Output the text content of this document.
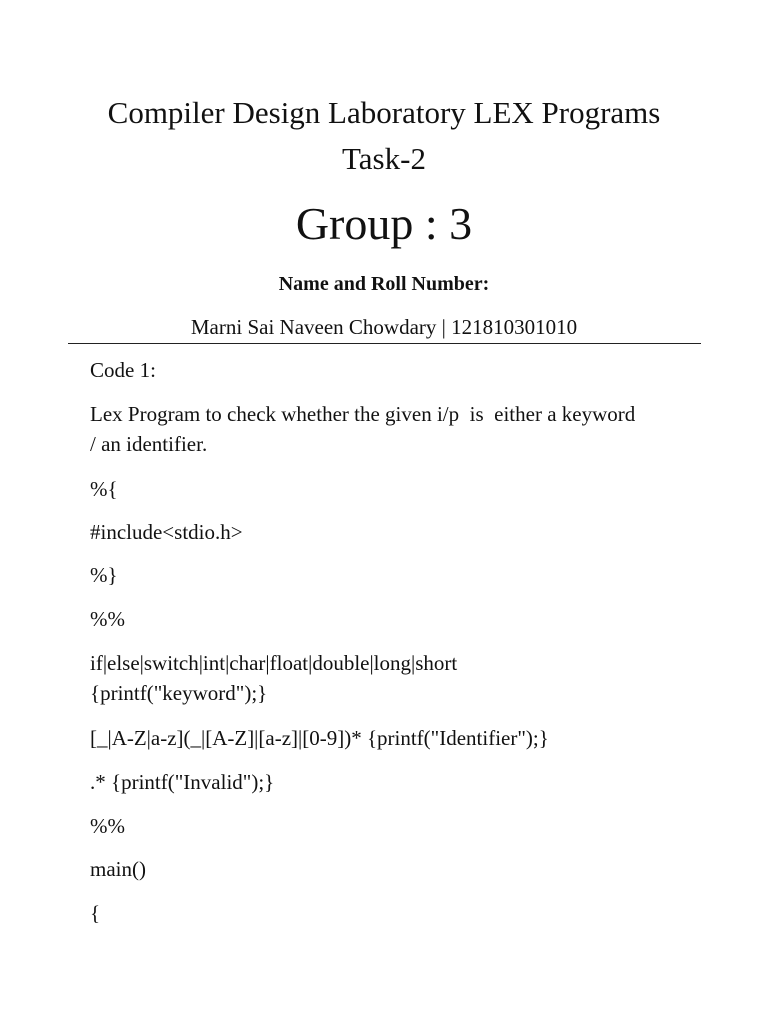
Compiler Design Laboratory LEX Programs
Task-2
Group : 3
Name and Roll Number:
Marni Sai Naveen Chowdary | 121810301010

Code 1:

Lex Program to check whether the given i/p  is  either a keyword

/ an identifier.

%{

#include<stdio.h>

%}

%%

if|else|switch|int|char|float|double|long|short

{printf("keyword");}

[_|A-Z|a-z](_|[A-Z]|[a-z]|[0-9])* {printf("Identifier");}

.* {printf("Invalid");}

%%

main()

{
